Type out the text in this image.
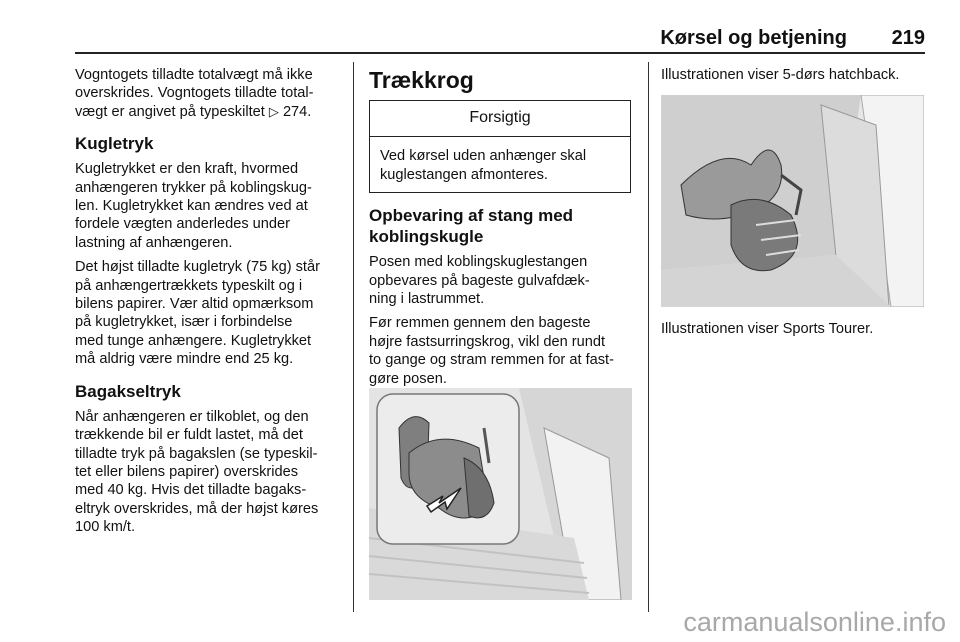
Kørsel og betjening 219

Vogntogets tilladte totalvægt må ikke
overskrides. Vogntogets tilladte total-
vægt er angivet på typeskiltet ▷ 274.

Kugletryk

Kugletrykket er den kraft, hvormed
anhængeren trykker på koblingskug-
len. Kugletrykket kan ændres ved at
fordele vægten anderledes under
lastning af anhængeren.

Det højst tilladte kugletryk (75 kg) står
på anhængertrækkets typeskilt og i
bilens papirer. Vær altid opmærksom
på kugletrykket, især i forbindelse
med tunge anhængere. Kugletrykket
må aldrig være mindre end 25 kg.

Bagakseltryk

Når anhængeren er tilkoblet, og den
trækkende bil er fuldt lastet, må det
tilladte tryk på bagakslen (se typeskil-
tet eller bilens papirer) overskrides
med 40 kg. Hvis det tilladte bagaks-
eltryk overskrides, må der højst køres
100 km/t.

Trækkrog
Forsigtig
Ved kørsel uden anhænger skal
kuglestangen afmonteres.
Opbevaring af stang med
koblingskugle

Posen med koblingskuglestangen
opbevares på bageste gulvafdæk-
ning i lastrummet.

Før remmen gennem den bageste
højre fastsurringskrog, vikl den rundt
to gange og stram remmen for at fast-
gøre posen.

Illustrationen viser 5-dørs hatchback.

Illustrationen viser Sports Tourer.

carmanualsonline.info
